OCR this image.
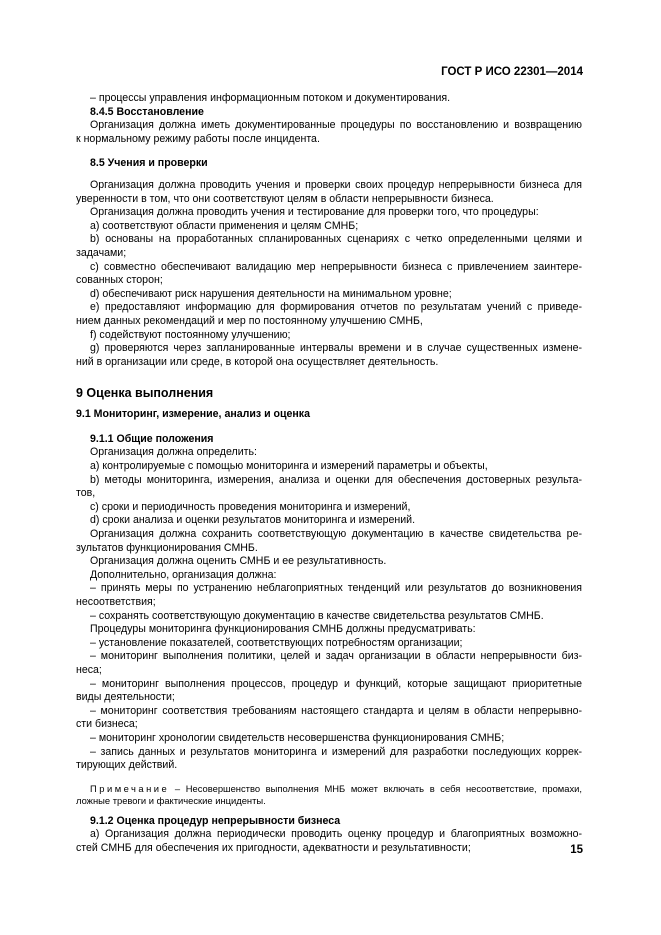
ГОСТ Р ИСО 22301—2014
– процессы управления информационным потоком и документирования.
8.4.5 Восстановление
Организация должна иметь документированные процедуры по восстановлению и возвращению
к нормальному режиму работы после инцидента.
8.5 Учения и проверки
Организация должна проводить учения и проверки своих процедур непрерывности бизнеса для
уверенности в том, что они соответствуют целям в области непрерывности бизнеса.
Организация должна проводить учения и тестирование для проверки того, что процедуры:
а) соответствуют области применения и целям СМНБ;
b) основаны на проработанных спланированных сценариях с четко определенными целями и
задачами;
c) совместно обеспечивают валидацию мер непрерывности бизнеса с привлечением заинтере-
сованных сторон;
d) обеспечивают риск нарушения деятельности на минимальном уровне;
e) предоставляют информацию для формирования отчетов по результатам учений с приведе-
нием данных рекомендаций и мер по постоянному улучшению СМНБ,
f) содействуют постоянному улучшению;
g) проверяются через запланированные интервалы времени и в случае существенных измене-
ний в организации или среде, в которой она осуществляет деятельность.
9 Оценка выполнения
9.1 Мониторинг, измерение, анализ и оценка
9.1.1 Общие положения
Организация должна определить:
а) контролируемые с помощью мониторинга и измерений параметры и объекты,
b) методы мониторинга, измерения, анализа и оценки для обеспечения достоверных результа-
тов,
c) сроки и периодичность проведения мониторинга и измерений,
d) сроки анализа и оценки результатов мониторинга и измерений.
Организация должна сохранить соответствующую документацию в качестве свидетельства ре-
зультатов функционирования СМНБ.
Организация должна оценить СМНБ и ее результативность.
Дополнительно, организация должна:
– принять меры по устранению неблагоприятных тенденций или результатов до возникновения
несоответствия;
– сохранять соответствующую документацию в качестве свидетельства результатов СМНБ.
Процедуры мониторинга функционирования СМНБ должны предусматривать:
– установление показателей, соответствующих потребностям организации;
– мониторинг выполнения политики, целей и задач организации в области непрерывности биз-
неса;
– мониторинг выполнения процессов, процедур и функций, которые защищают приоритетные
виды деятельности;
– мониторинг соответствия требованиям настоящего стандарта и целям в области непрерывно-
сти бизнеса;
– мониторинг хронологии свидетельств несовершенства функционирования СМНБ;
– запись данных и результатов мониторинга и измерений для разработки последующих коррек-
тирующих действий.
Примечание – Несовершенство выполнения МНБ может включать в себя несоответствие, промахи,
ложные тревоги и фактические инциденты.
9.1.2 Оценка процедур непрерывности бизнеса
а) Организация должна периодически проводить оценку процедур и благоприятных возможно-
стей СМНБ для обеспечения их пригодности, адекватности и результативности;	15
